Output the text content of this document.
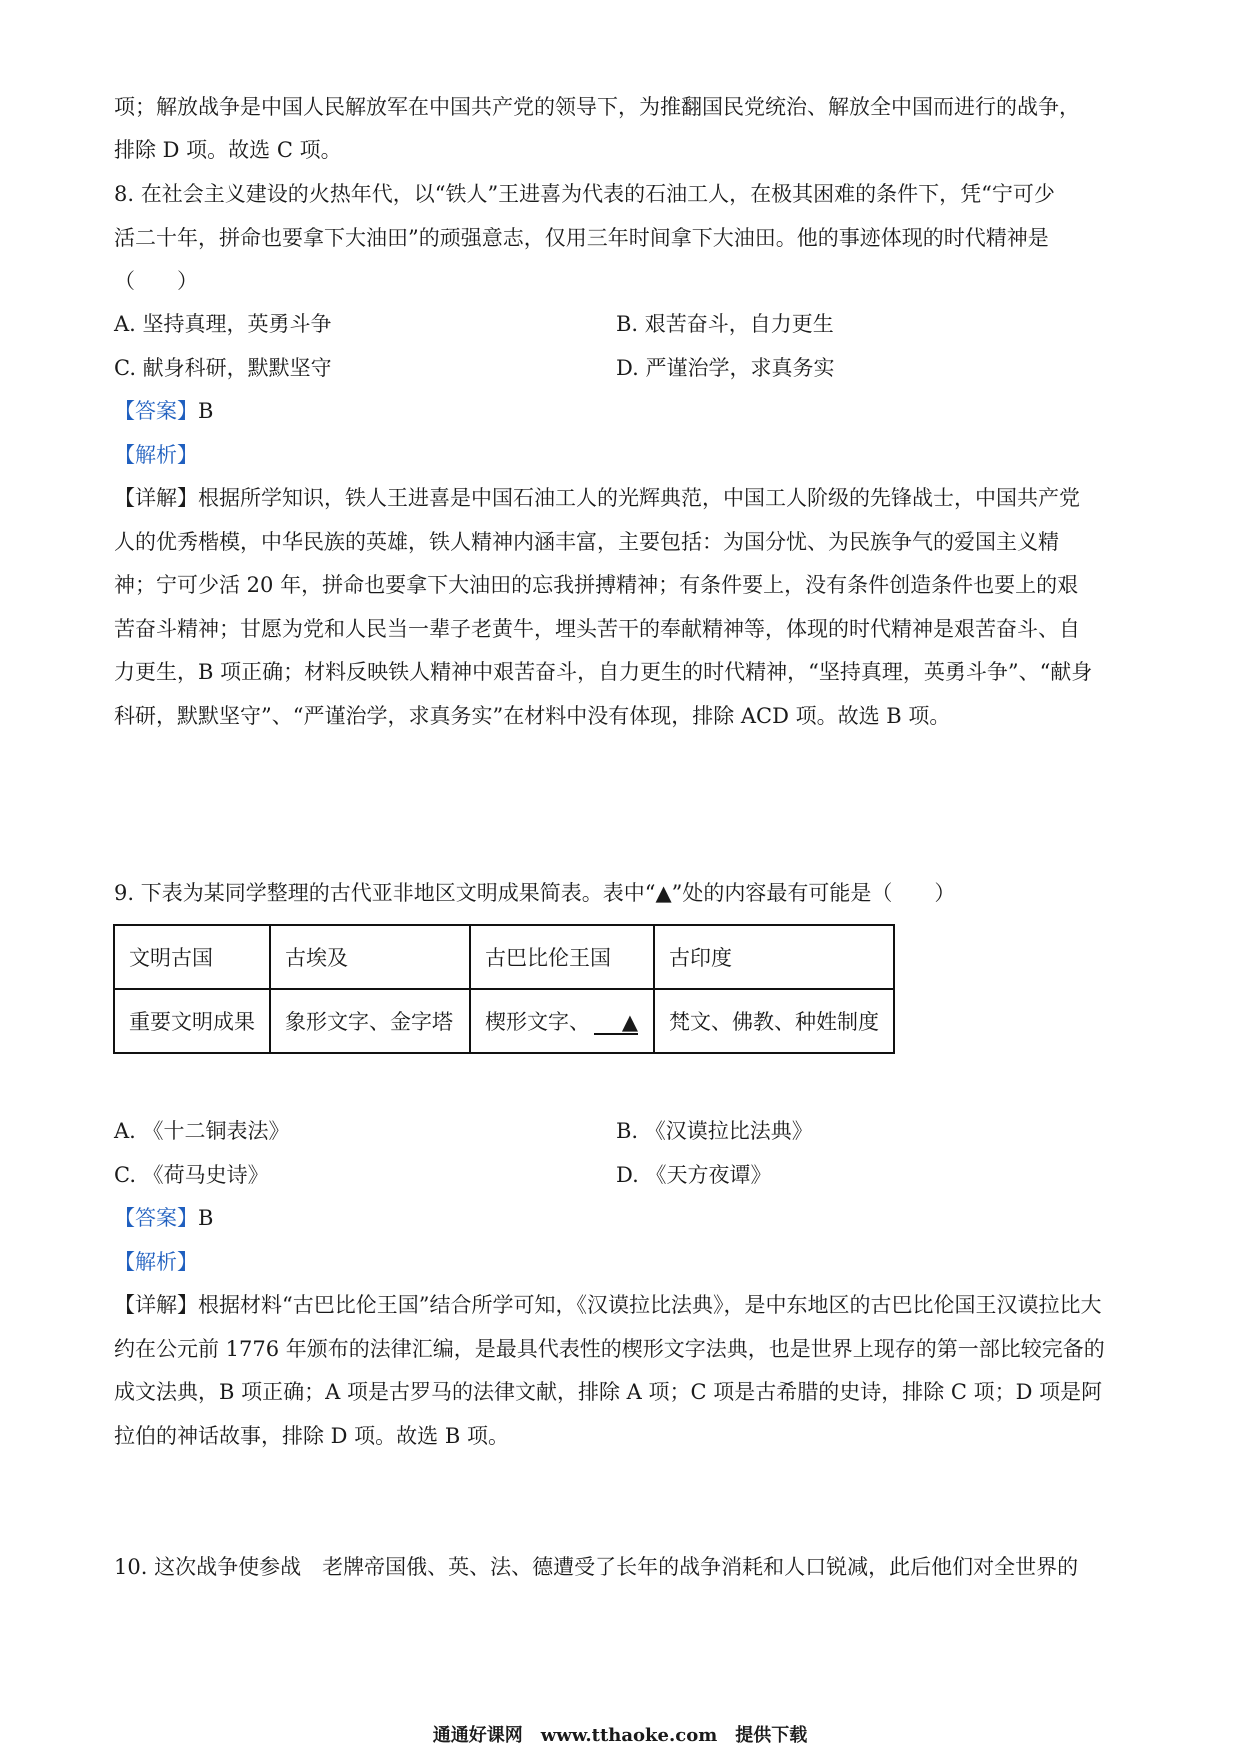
项；解放战争是中国人民解放军在中国共产党的领导下，为推翻国民党统治、解放全中国而进行的战争，
排除 D 项。故选 C 项。
8. 在社会主义建设的火热年代，以“铁人”王进喜为代表的石油工人，在极其困难的条件下，凭“宁可少
活二十年，拼命也要拿下大油田”的顽强意志，仅用三年时间拿下大油田。他的事迹体现的时代精神是
（　　）
A. 坚持真理，英勇斗争	B. 艰苦奋斗，自力更生
C. 献身科研，默默坚守	D. 严谨治学，求真务实
【答案】B
【解析】
【详解】根据所学知识，铁人王进喜是中国石油工人的光辉典范，中国工人阶级的先锋战士，中国共产党
人的优秀楷模，中华民族的英雄，铁人精神内涵丰富，主要包括：为国分忧、为民族争气的爱国主义精
神；宁可少活 20 年，拼命也要拿下大油田的忘我拼搏精神；有条件要上，没有条件创造条件也要上的艰
苦奋斗精神；甘愿为党和人民当一辈子老黄牛，埋头苦干的奉献精神等，体现的时代精神是艰苦奋斗、自
力更生，B 项正确；材料反映铁人精神中艰苦奋斗，自力更生的时代精神，“坚持真理，英勇斗争”、“献身
科研，默默坚守”、“严谨治学，求真务实”在材料中没有体现，排除 ACD 项。故选 B 项。
9. 下表为某同学整理的古代亚非地区文明成果简表。表中“▲”处的内容最有可能是（　　）
文明古国	古埃及	古巴比伦王国	古印度
重要文明成果	象形文字、金字塔	楔形文字、 ▲	梵文、佛教、种姓制度
A. 《十二铜表法》	B. 《汉谟拉比法典》
C. 《荷马史诗》	D. 《天方夜谭》
【答案】B
【解析】
【详解】根据材料“古巴比伦王国”结合所学可知，《汉谟拉比法典》，是中东地区的古巴比伦国王汉谟拉比大
约在公元前 1776 年颁布的法律汇编，是最具代表性的楔形文字法典，也是世界上现存的第一部比较完备的
成文法典，B 项正确；A 项是古罗马的法律文献，排除 A 项；C 项是古希腊的史诗，排除 C 项；D 项是阿
拉伯的神话故事，排除 D 项。故选 B 项。
10. 这次战争使参战　老牌帝国俄、英、法、德遭受了长年的战争消耗和人口锐减，此后他们对全世界的
通通好课网　www.tthaoke.com　提供下载
